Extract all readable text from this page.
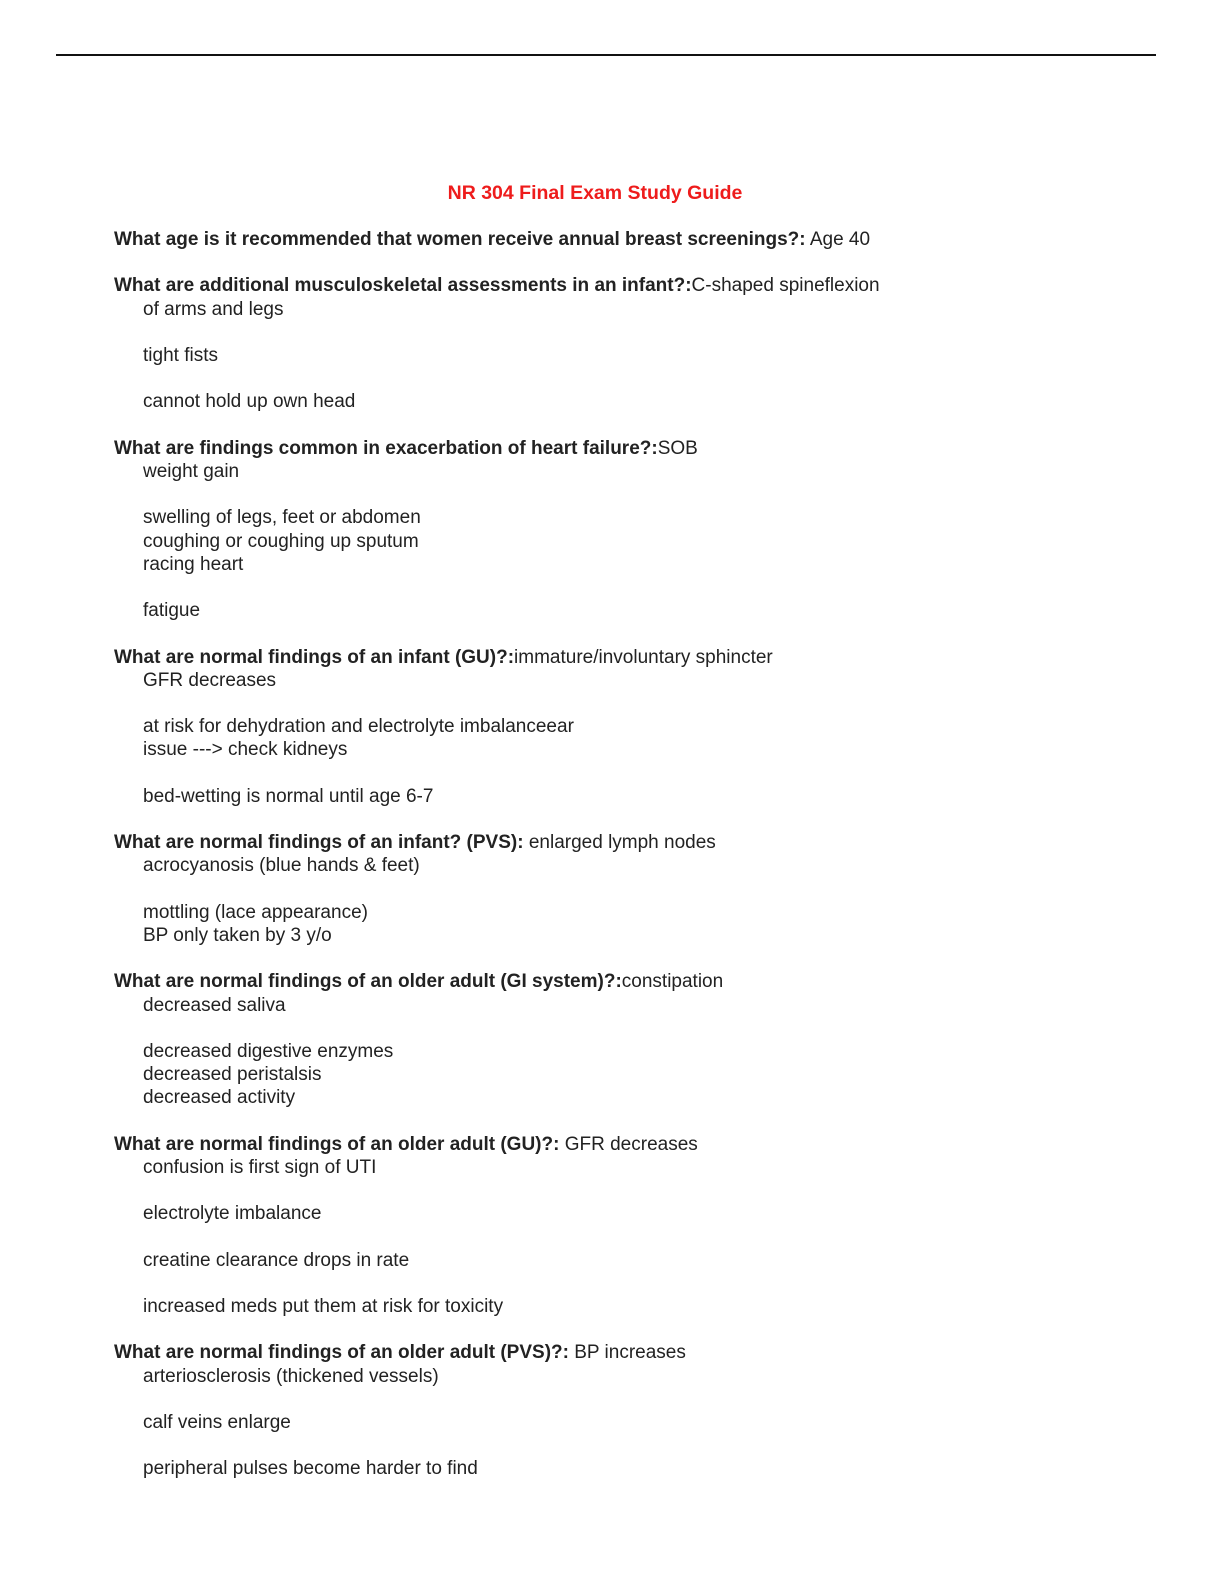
NR 304 Final Exam Study Guide
What age is it recommended that women receive annual breast screenings?: Age 40
What are additional musculoskeletal assessments in an infant?:C-shaped spineflexion
of arms and legs
tight fists
cannot hold up own head
What are findings common in exacerbation of heart failure?:SOB
weight gain
swelling of legs, feet or abdomen
coughing or coughing up sputum
racing heart
fatigue
What are normal findings of an infant (GU)?:immature/involuntary sphincter
GFR decreases
at risk for dehydration and electrolyte imbalanceear
issue ---> check kidneys
bed-wetting is normal until age 6-7
What are normal findings of an infant? (PVS): enlarged lymph nodes
acrocyanosis (blue hands & feet)
mottling (lace appearance)
BP only taken by 3 y/o
What are normal findings of an older adult (GI system)?:constipation
decreased saliva
decreased digestive enzymes
decreased peristalsis
decreased activity
What are normal findings of an older adult (GU)?: GFR decreases
confusion is first sign of UTI
electrolyte imbalance
creatine clearance drops in rate
increased meds put them at risk for toxicity
What are normal findings of an older adult (PVS)?: BP increases
arteriosclerosis (thickened vessels)
calf veins enlarge
peripheral pulses become harder to find
